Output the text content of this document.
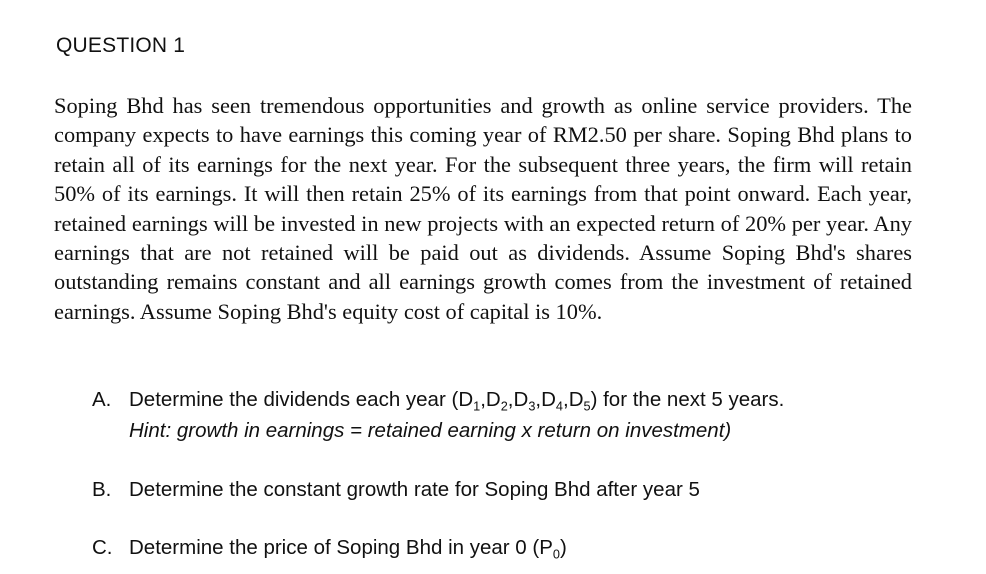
QUESTION 1
Soping Bhd has seen tremendous opportunities and growth as online service providers. The company expects to have earnings this coming year of RM2.50 per share. Soping Bhd plans to retain all of its earnings for the next year. For the subsequent three years, the firm will retain 50% of its earnings. It will then retain 25% of its earnings from that point onward. Each year, retained earnings will be invested in new projects with an expected return of 20% per year. Any earnings that are not retained will be paid out as dividends. Assume Soping Bhd's shares outstanding remains constant and all earnings growth comes from the investment of retained earnings. Assume Soping Bhd's equity cost of capital is 10%.
A. Determine the dividends each year $(D_1,D_2,D_3,D_4,D_5)$ for the next 5 years.
Hint: growth in earnings = retained earning x return on investment)
B. Determine the constant growth rate for Soping Bhd after year 5
C. Determine the price of Soping Bhd in year 0 $(P_0)$
